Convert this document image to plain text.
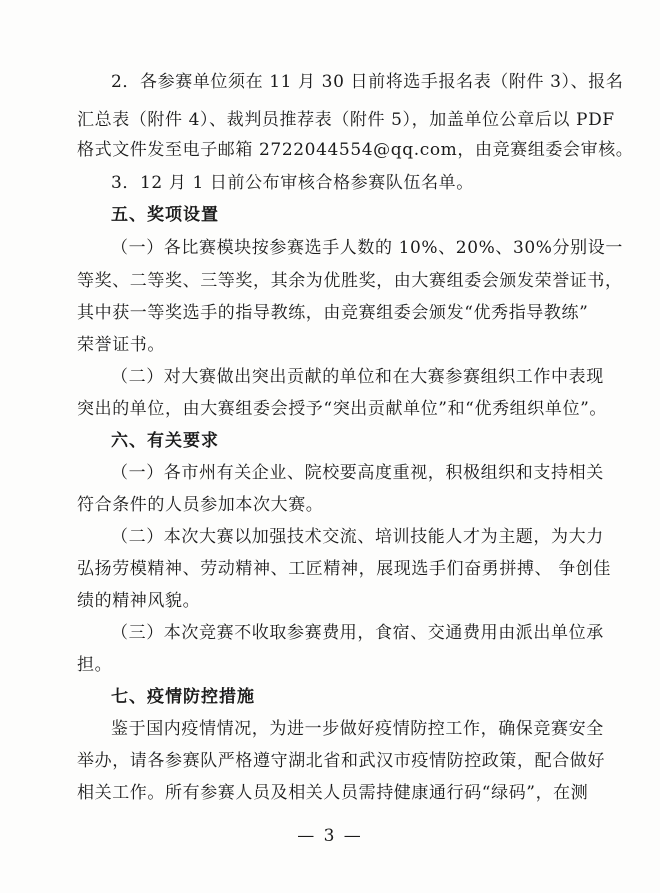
2．各参赛单位须在 11 月 30 日前将选手报名表（附件 3）、报名
汇总表（附件 4）、裁判员推荐表（附件 5），加盖单位公章后以 PDF
格式文件发至电子邮箱 2722044554@qq.com，由竞赛组委会审核。
3．12 月 1 日前公布审核合格参赛队伍名单。
五、奖项设置
（一）各比赛模块按参赛选手人数的 10%、20%、30%分别设一
等奖、二等奖、三等奖，其余为优胜奖，由大赛组委会颁发荣誉证书，
其中获一等奖选手的指导教练，由竞赛组委会颁发“优秀指导教练”
荣誉证书。
（二）对大赛做出突出贡献的单位和在大赛参赛组织工作中表现
突出的单位，由大赛组委会授予“突出贡献单位”和“优秀组织单位”。
六、有关要求
（一）各市州有关企业、院校要高度重视，积极组织和支持相关
符合条件的人员参加本次大赛。
（二）本次大赛以加强技术交流、培训技能人才为主题，为大力
弘扬劳模精神、劳动精神、工匠精神，展现选手们奋勇拼搏、 争创佳
绩的精神风貌。
（三）本次竞赛不收取参赛费用，食宿、交通费用由派出单位承
担。
七、疫情防控措施
鉴于国内疫情情况，为进一步做好疫情防控工作，确保竞赛安全
举办，请各参赛队严格遵守湖北省和武汉市疫情防控政策，配合做好
相关工作。所有参赛人员及相关人员需持健康通行码“绿码”，在测
— 3 —
